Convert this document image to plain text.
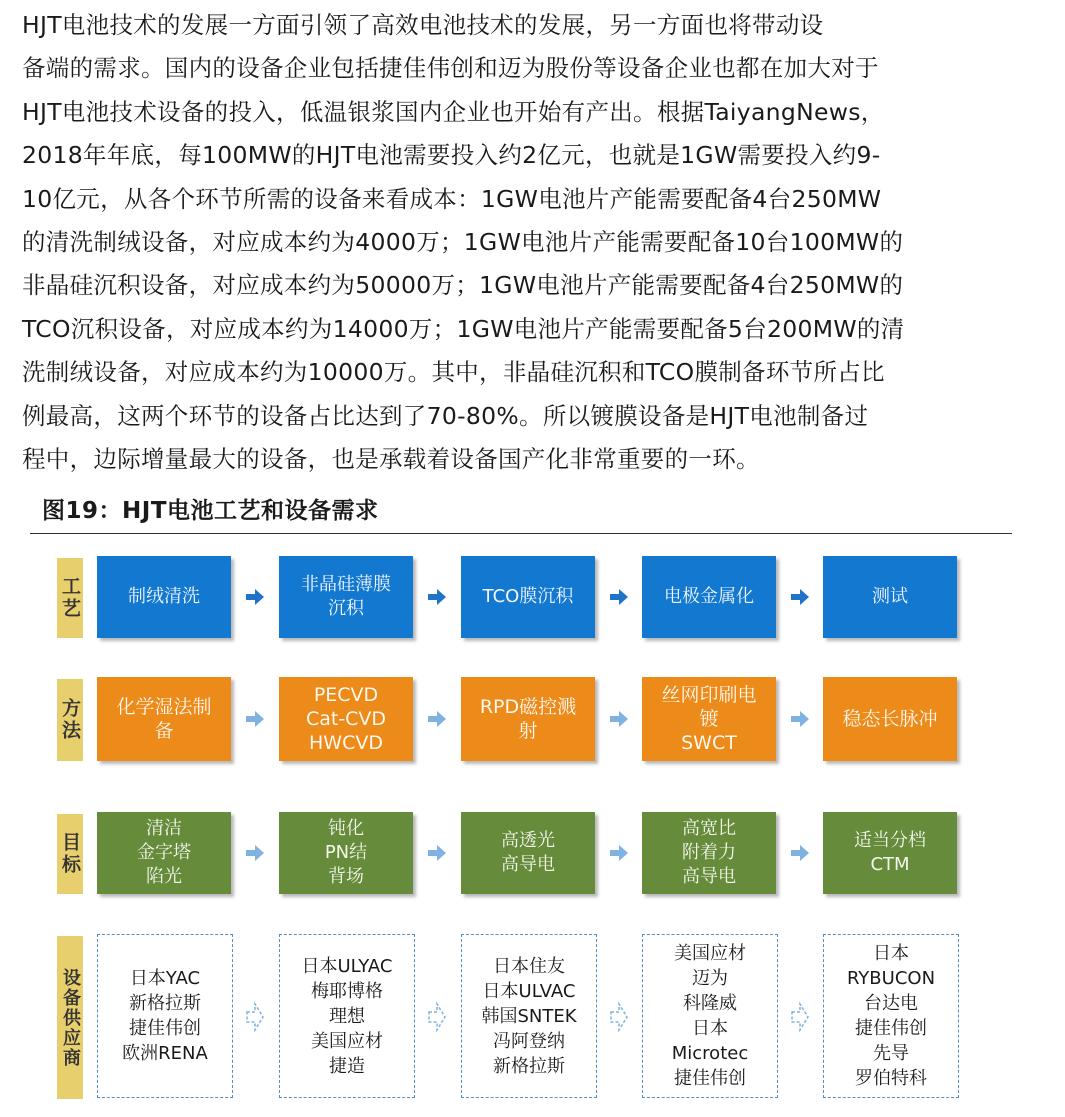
HJT电池技术的发展一方面引领了高效电池技术的发展，另一方面也将带动设
备端的需求。国内的设备企业包括捷佳伟创和迈为股份等设备企业也都在加大对于
HJT电池技术设备的投入，低温银浆国内企业也开始有产出。根据TaiyangNews，
2018年年底，每100MW的HJT电池需要投入约2亿元，也就是1GW需要投入约9-
10亿元，从各个环节所需的设备来看成本：1GW电池片产能需要配备4台250MW
的清洗制绒设备，对应成本约为4000万；1GW电池片产能需要配备10台100MW的
非晶硅沉积设备，对应成本约为50000万；1GW电池片产能需要配备4台250MW的
TCO沉积设备，对应成本约为14000万；1GW电池片产能需要配备5台200MW的清
洗制绒设备，对应成本约为10000万。其中，非晶硅沉积和TCO膜制备环节所占比
例最高，这两个环节的设备占比达到了70-80%。所以镀膜设备是HJT电池制备过
程中，边际增量最大的设备，也是承载着设备国产化非常重要的一环。
图19：HJT电池工艺和设备需求
工艺	制绒清洗
非晶硅薄膜
沉积
TCO膜沉积	电极金属化	测试
方法 化学湿法制
备
PECVD
Cat-CVD
HWCVD
RPD磁控溅
射
丝网印刷电
镀
SWCT
稳态长脉冲
目标
清洁
金字塔
陷光
钝化
PN结
背场
高透光
高导电
高宽比
附着力
高导电
适当分档
CTM
设备供应商	日本YAC
新格拉斯
捷佳伟创
欧洲RENA
日本ULYAC
梅耶博格
理想
美国应材
捷造
日本住友
日本ULVAC
韩国SNTEK
冯阿登纳
新格拉斯
美国应材
迈为
科隆威
日本
Microtec
捷佳伟创
日本
RYBUCON
台达电
捷佳伟创
先导
罗伯特科
